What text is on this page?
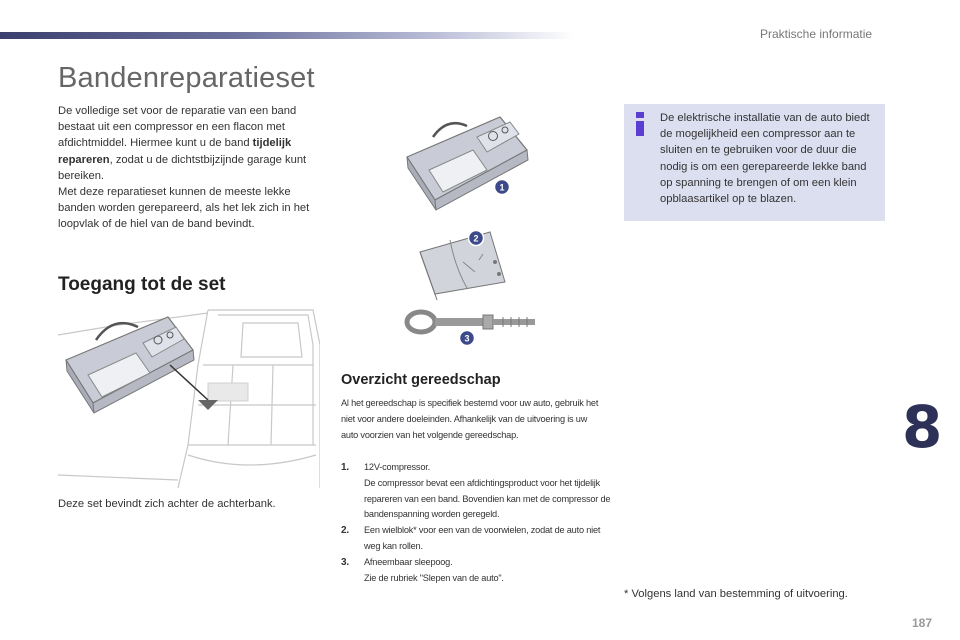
Praktische informatie
Bandenreparatieset

De volledige set voor de reparatie van een band bestaat uit een compressor en een flacon met afdichtmiddel. Hiermee kunt u de band tijdelijk repareren, zodat u de dichtstbijzijnde garage kunt bereiken.

Met deze reparatieset kunnen de meeste lekke banden worden gerepareerd, als het lek zich in het loopvlak of de hiel van de band bevindt.

Toegang tot de set
Deze set bevindt zich achter de achterbank.
1
2
3
Overzicht gereedschap

Al het gereedschap is specifiek bestemd voor uw auto, gebruik het niet voor andere doeleinden. Afhankelijk van de uitvoering is uw auto voorzien van het volgende gereedschap.

1. 12V-compressor.
De compressor bevat een afdichtingsproduct voor het tijdelijk repareren van een band. Bovendien kan met de compressor de bandenspanning worden geregeld.
2. Een wielblok* voor een van de voorwielen, zodat de auto niet weg kan rollen.
3. Afneembaar sleepoog.
Zie de rubriek "Slepen van de auto".

De elektrische installatie van de auto biedt de mogelijkheid een compressor aan te sluiten en te gebruiken voor de duur die nodig is om een gerepareerde lekke band op spanning te brengen of om een klein opblaasartikel op te blazen.

* Volgens land van bestemming of uitvoering.
8
187
